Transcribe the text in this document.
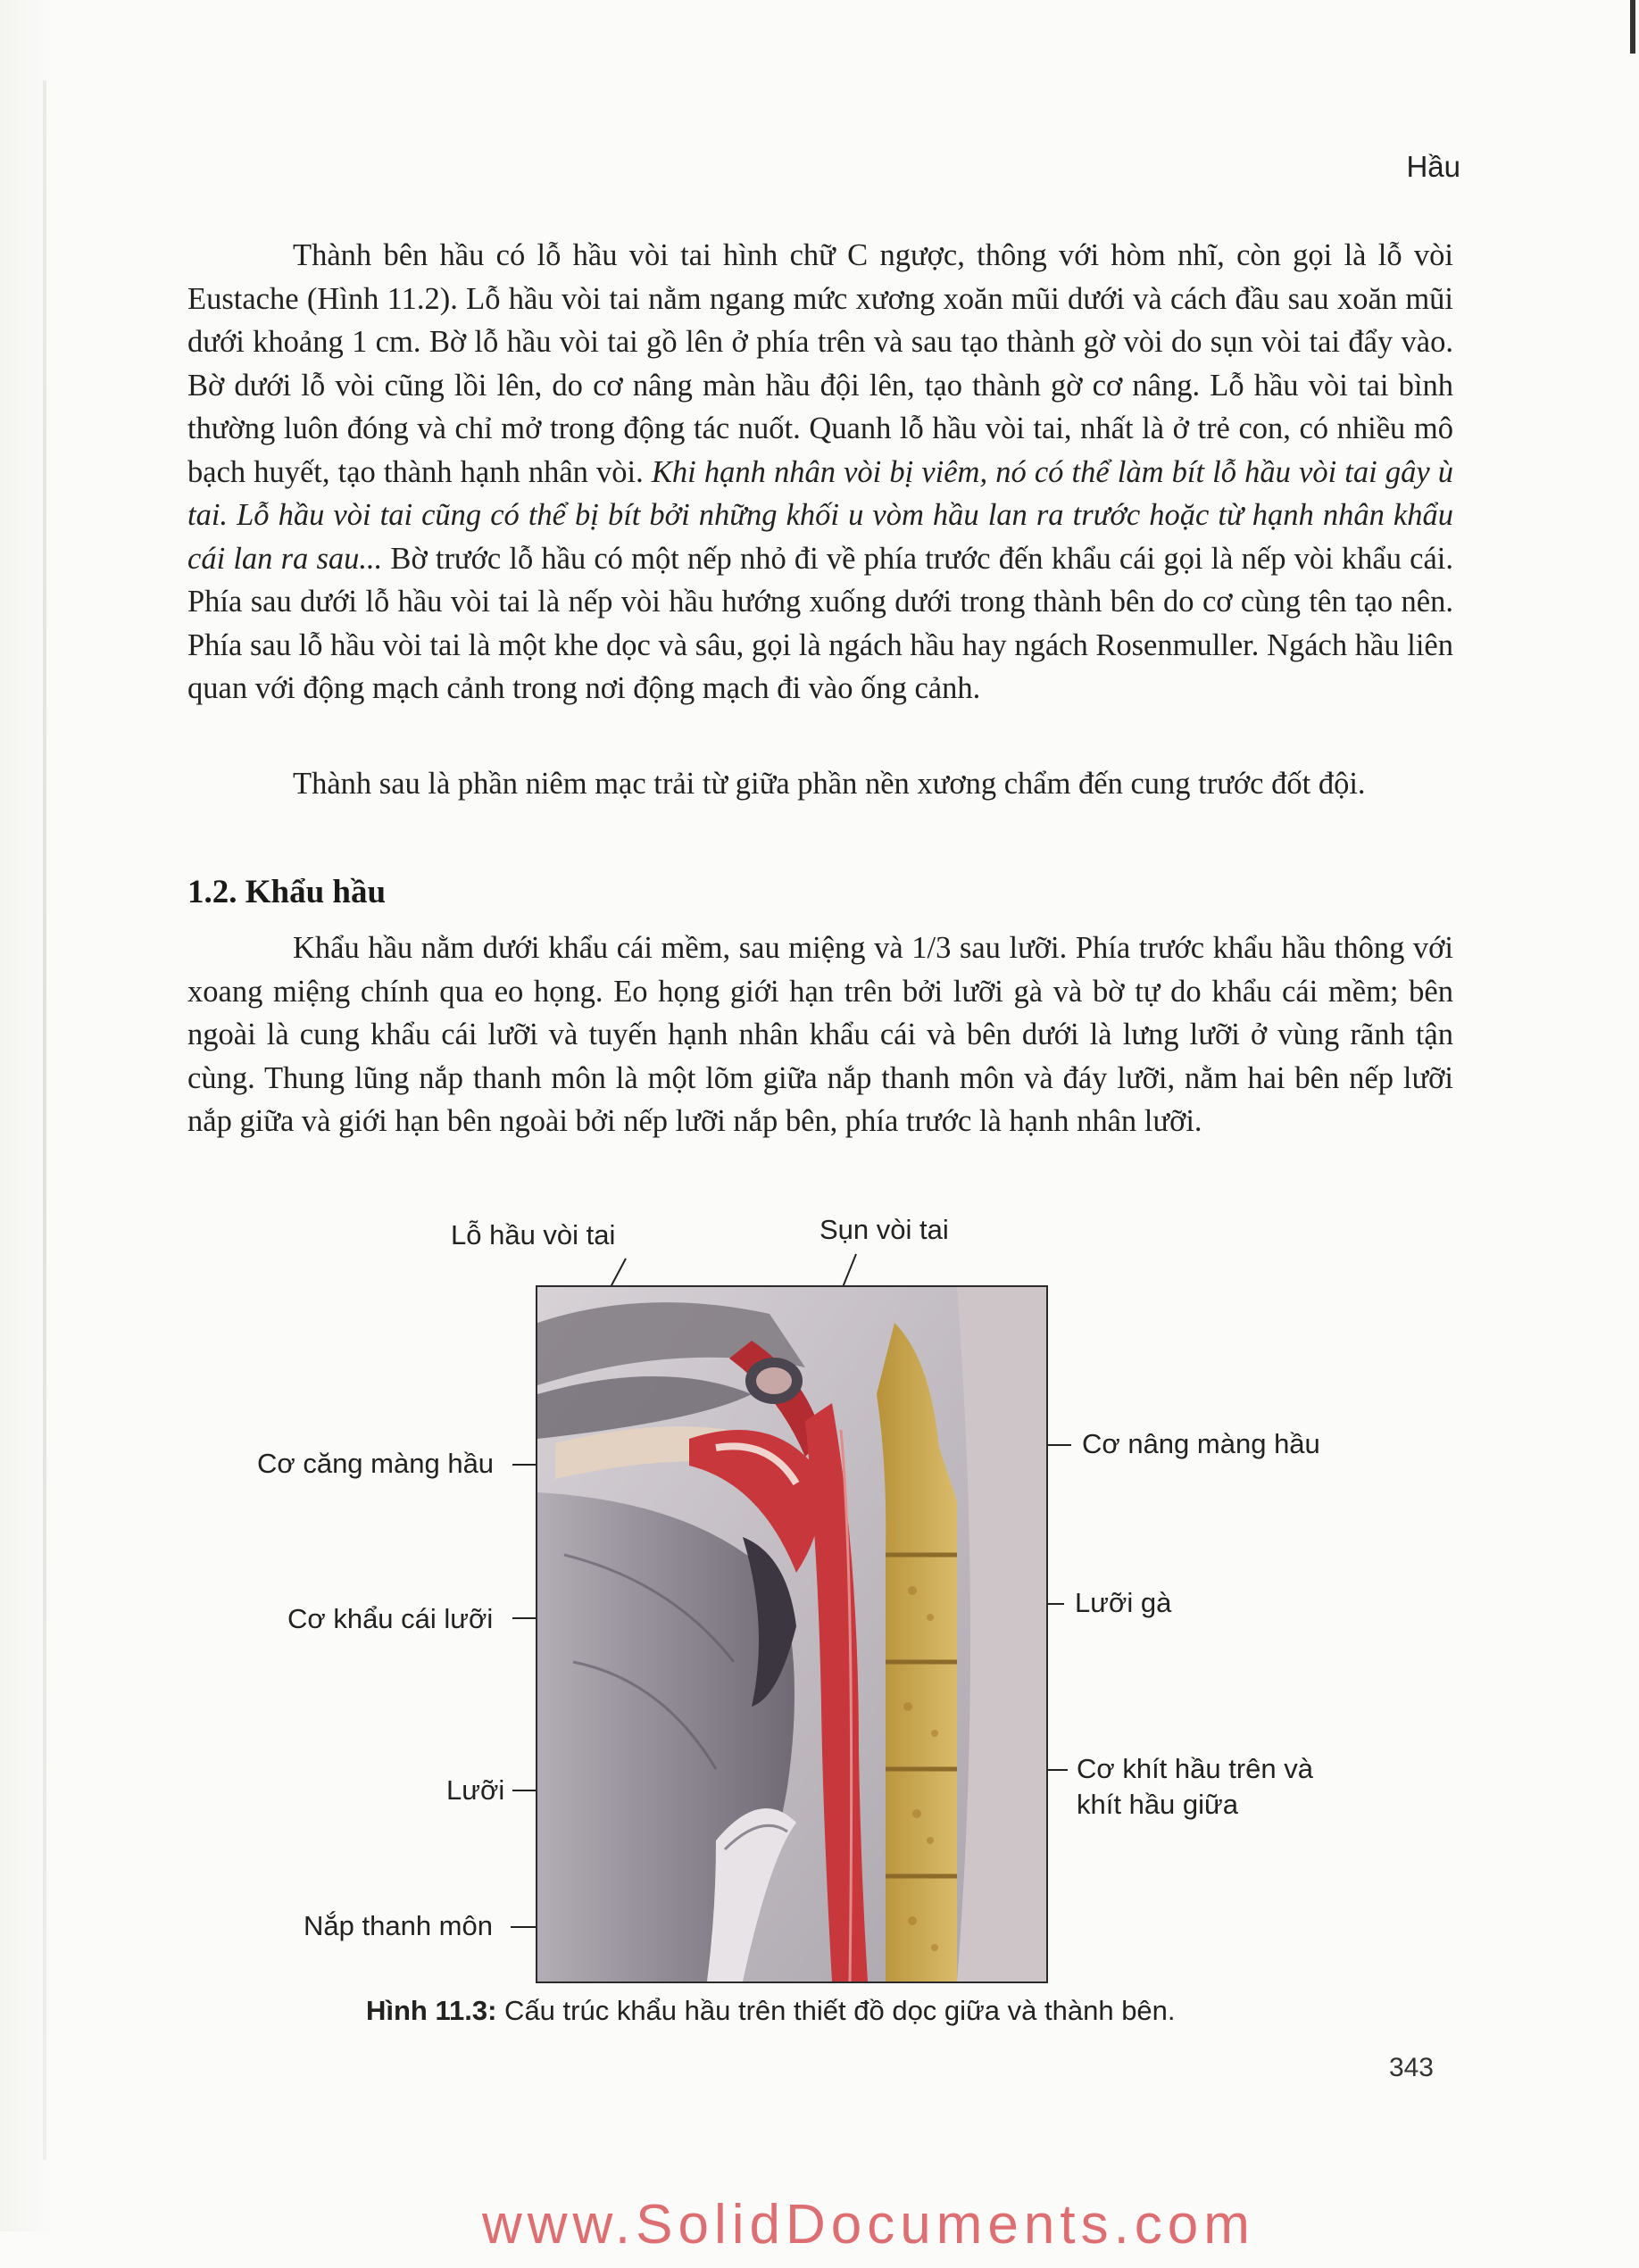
Hầu

Thành bên hầu có lỗ hầu vòi tai hình chữ C ngược, thông với hòm nhĩ, còn gọi là lỗ vòi Eustache (Hình 11.2). Lỗ hầu vòi tai nằm ngang mức xương xoăn mũi dưới và cách đầu sau xoăn mũi dưới khoảng 1 cm. Bờ lỗ hầu vòi tai gồ lên ở phía trên và sau tạo thành gờ vòi do sụn vòi tai đẩy vào. Bờ dưới lỗ vòi cũng lồi lên, do cơ nâng màn hầu đội lên, tạo thành gờ cơ nâng. Lỗ hầu vòi tai bình thường luôn đóng và chỉ mở trong động tác nuốt. Quanh lỗ hầu vòi tai, nhất là ở trẻ con, có nhiều mô bạch huyết, tạo thành hạnh nhân vòi. Khi hạnh nhân vòi bị viêm, nó có thể làm bít lỗ hầu vòi tai gây ù tai. Lỗ hầu vòi tai cũng có thể bị bít bởi những khối u vòm hầu lan ra trước hoặc từ hạnh nhân khẩu cái lan ra sau... Bờ trước lỗ hầu có một nếp nhỏ đi về phía trước đến khẩu cái gọi là nếp vòi khẩu cái. Phía sau dưới lỗ hầu vòi tai là nếp vòi hầu hướng xuống dưới trong thành bên do cơ cùng tên tạo nên. Phía sau lỗ hầu vòi tai là một khe dọc và sâu, gọi là ngách hầu hay ngách Rosenmuller. Ngách hầu liên quan với động mạch cảnh trong nơi động mạch đi vào ống cảnh.

Thành sau là phần niêm mạc trải từ giữa phần nền xương chẩm đến cung trước đốt đội.

1.2. Khẩu hầu

Khẩu hầu nằm dưới khẩu cái mềm, sau miệng và 1/3 sau lưỡi. Phía trước khẩu hầu thông với xoang miệng chính qua eo họng. Eo họng giới hạn trên bởi lưỡi gà và bờ tự do khẩu cái mềm; bên ngoài là cung khẩu cái lưỡi và tuyến hạnh nhân khẩu cái và bên dưới là lưng lưỡi ở vùng rãnh tận cùng. Thung lũng nắp thanh môn là một lõm giữa nắp thanh môn và đáy lưỡi, nằm hai bên nếp lưỡi nắp giữa và giới hạn bên ngoài bởi nếp lưỡi nắp bên, phía trước là hạnh nhân lưỡi.

Lỗ hầu vòi tai	Sụn vòi tai
Cơ căng màng hầu
Cơ khẩu cái lưỡi
Lưỡi
Nắp thanh môn
Cơ nâng màng hầu
Lưỡi gà
Cơ khít hầu trên và
khít hầu giữa
Hình 11.3: Cấu trúc khẩu hầu trên thiết đồ dọc giữa và thành bên.
343
www.SolidDocuments.com
